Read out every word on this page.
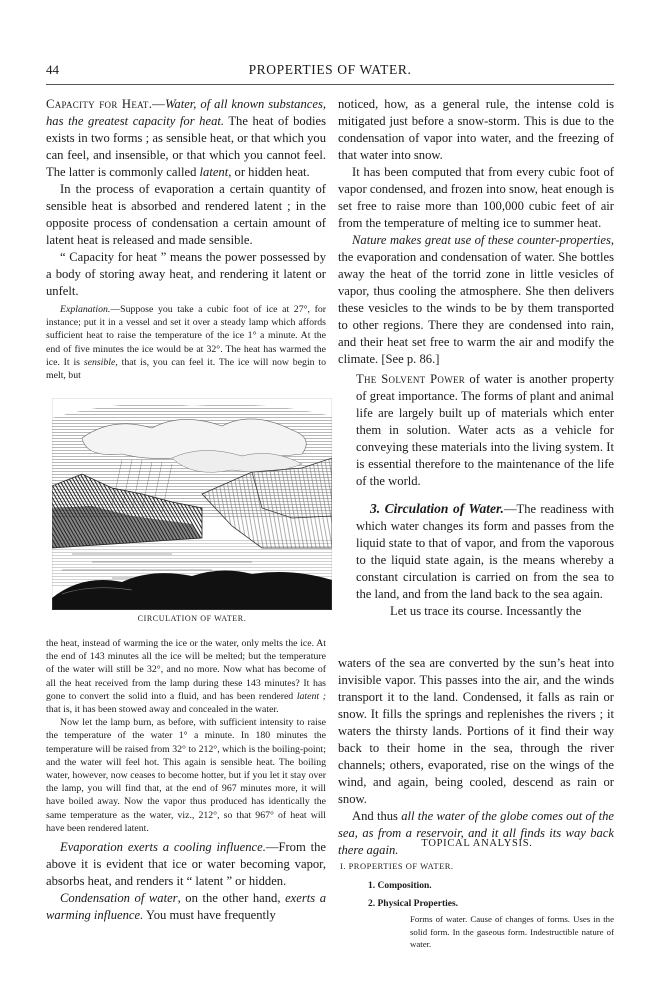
44	PROPERTIES OF WATER.

Capacity for Heat.—Water, of all known substances, has the greatest capacity for heat. The heat of bodies exists in two forms ; as sensible heat, or that which you can feel, and insensible, or that which you cannot feel. The latter is commonly called latent, or hidden heat.

In the process of evaporation a certain quantity of sensible heat is absorbed and rendered latent ; in the opposite process of condensation a certain amount of latent heat is released and made sensible.

“ Capacity for heat ” means the power possessed by a body of storing away heat, and rendering it latent or unfelt.

Explanation.—Suppose you take a cubic foot of ice at 27°, for instance; put it in a vessel and set it over a steady lamp which affords sufficient heat to raise the temperature of the ice 1° a minute. At the end of five minutes the ice would be at 32°. The heat has warmed the ice. It is sensible, that is, you can feel it. The ice will now begin to melt, but

CIRCULATION OF WATER.

the heat, instead of warming the ice or the water, only melts the ice. At the end of 143 minutes all the ice will be melted; but the temperature of the water will still be 32°, and no more. Now what has become of all the heat received from the lamp during these 143 minutes? It has gone to convert the solid into a fluid, and has been rendered latent ; that is, it has been stowed away and concealed in the water.

Now let the lamp burn, as before, with sufficient intensity to raise the temperature of the water 1° a minute. In 180 minutes the temperature will be raised from 32° to 212°, which is the boiling-point; and the water will feel hot. This again is sensible heat. The boiling water, however, now ceases to become hotter, but if you let it stay over the lamp, you will find that, at the end of 967 minutes more, it will have boiled away. Now the vapor thus produced has identically the same temperature as the water, viz., 212°, so that 967° of heat will have been rendered latent.

Evaporation exerts a cooling influence.—From the above it is evident that ice or water becoming vapor, absorbs heat, and renders it “ latent ” or hidden.

Condensation of water, on the other hand, exerts a warming influence. You must have frequently

noticed, how, as a general rule, the intense cold is mitigated just before a snow-storm. This is due to the condensation of vapor into water, and the freezing of that water into snow.

It has been computed that from every cubic foot of vapor condensed, and frozen into snow, heat enough is set free to raise more than 100,000 cubic feet of air from the temperature of melting ice to summer heat.

Nature makes great use of these counter-properties, the evaporation and condensation of water. She bottles away the heat of the torrid zone in little vesicles of vapor, thus cooling the atmosphere. She then delivers these vesicles to the winds to be by them transported to other regions. There they are condensed into rain, and their heat set free to warm the air and modify the climate. [See p. 86.]

The Solvent Power of water is another property of great importance. The forms of plant and animal life are largely built up of materials which enter them in solution. Water acts as a vehicle for conveying these materials into the living system. It is essential therefore to the maintenance of the life of the world.

3. Circulation of Water.—The readiness with which water changes its form and passes from the liquid state to that of vapor, and from the vaporous to the liquid state again, is the means whereby a constant circulation is carried on from the sea to the land, and from the land back to the sea again.

Let us trace its course. Incessantly the

waters of the sea are converted by the sun’s heat into invisible vapor. This passes into the air, and the winds transport it to the land. Condensed, it falls as rain or snow. It fills the springs and replenishes the rivers ; it waters the thirsty lands. Portions of it find their way back to their home in the sea, through the river channels; others, evaporated, rise on the wings of the wind, and again, being cooled, descend as rain or snow.

And thus all the water of the globe comes out of the sea, as from a reservoir, and it all finds its way back there again.	TOPICAL ANALYSIS.
I. PROPERTIES OF WATER.
1. Composition.
2. Physical Properties.
Forms of water. Cause of changes of forms. Uses in the solid form. In the gaseous form. Indestructible nature of water.
